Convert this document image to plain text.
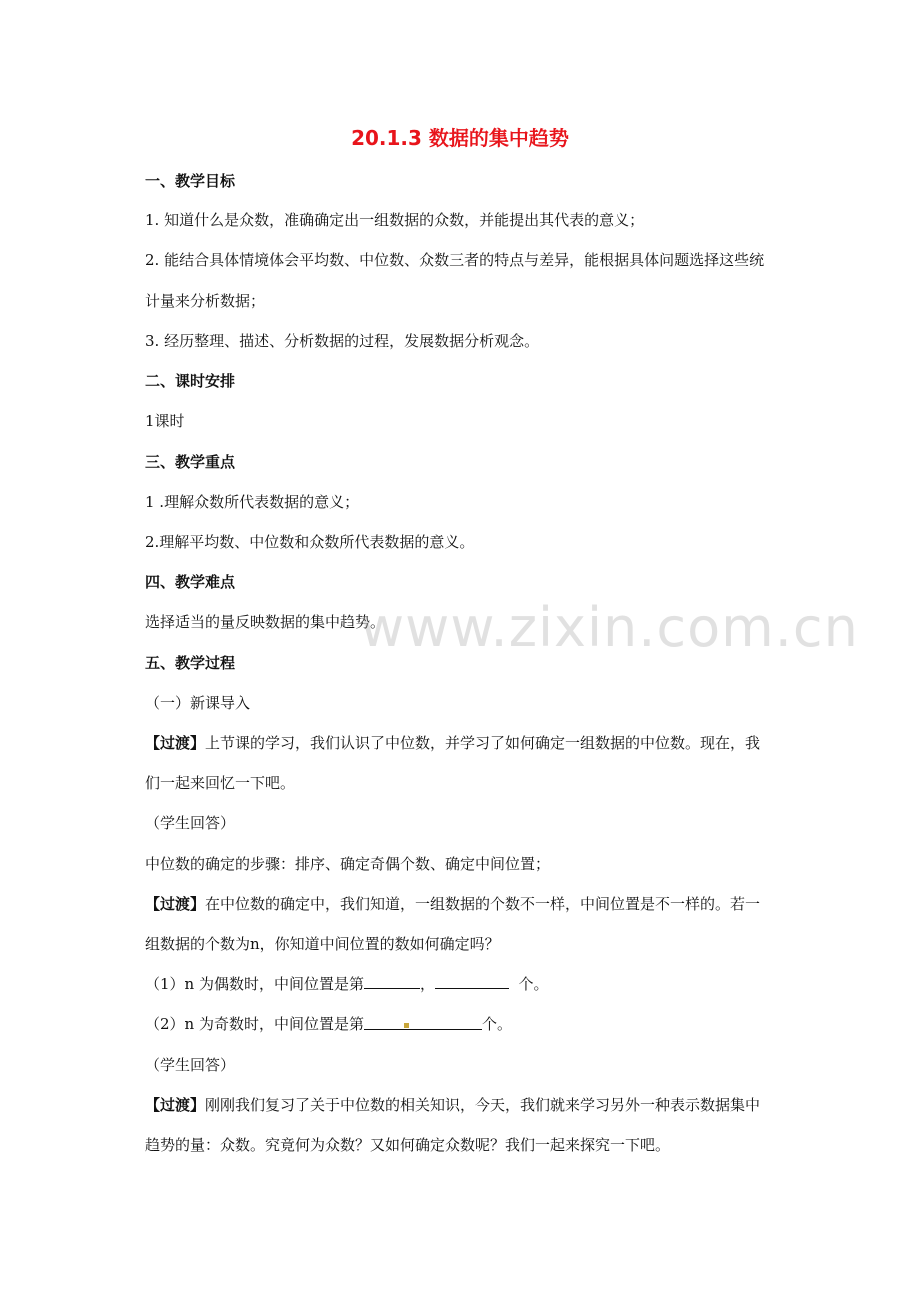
20.1.3 数据的集中趋势
一、教学目标
1. 知道什么是众数，准确确定出一组数据的众数，并能提出其代表的意义；
2. 能结合具体情境体会平均数、中位数、众数三者的特点与差异，能根据具体问题选择这些统
计量来分析数据；
3. 经历整理、描述、分析数据的过程，发展数据分析观念。
二、课时安排
1课时
三、教学重点
1 .理解众数所代表数据的意义；
2.理解平均数、中位数和众数所代表数据的意义。
四、教学难点
选择适当的量反映数据的集中趋势。
www.zixin.com.cn
五、教学过程
（一）新课导入
【过渡】上节课的学习，我们认识了中位数，并学习了如何确定一组数据的中位数。现在，我
们一起来回忆一下吧。
（学生回答）
中位数的确定的步骤：排序、确定奇偶个数、确定中间位置；
【过渡】在中位数的确定中，我们知道，一组数据的个数不一样，中间位置是不一样的。若一
组数据的个数为n，你知道中间位置的数如何确定吗？
（1）n 为偶数时，中间位置是第	，	个。
（2）n 为奇数时，中间位置是第	个。
（学生回答）
【过渡】刚刚我们复习了关于中位数的相关知识，今天，我们就来学习另外一种表示数据集中
趋势的量：众数。究竟何为众数？又如何确定众数呢？我们一起来探究一下吧。
